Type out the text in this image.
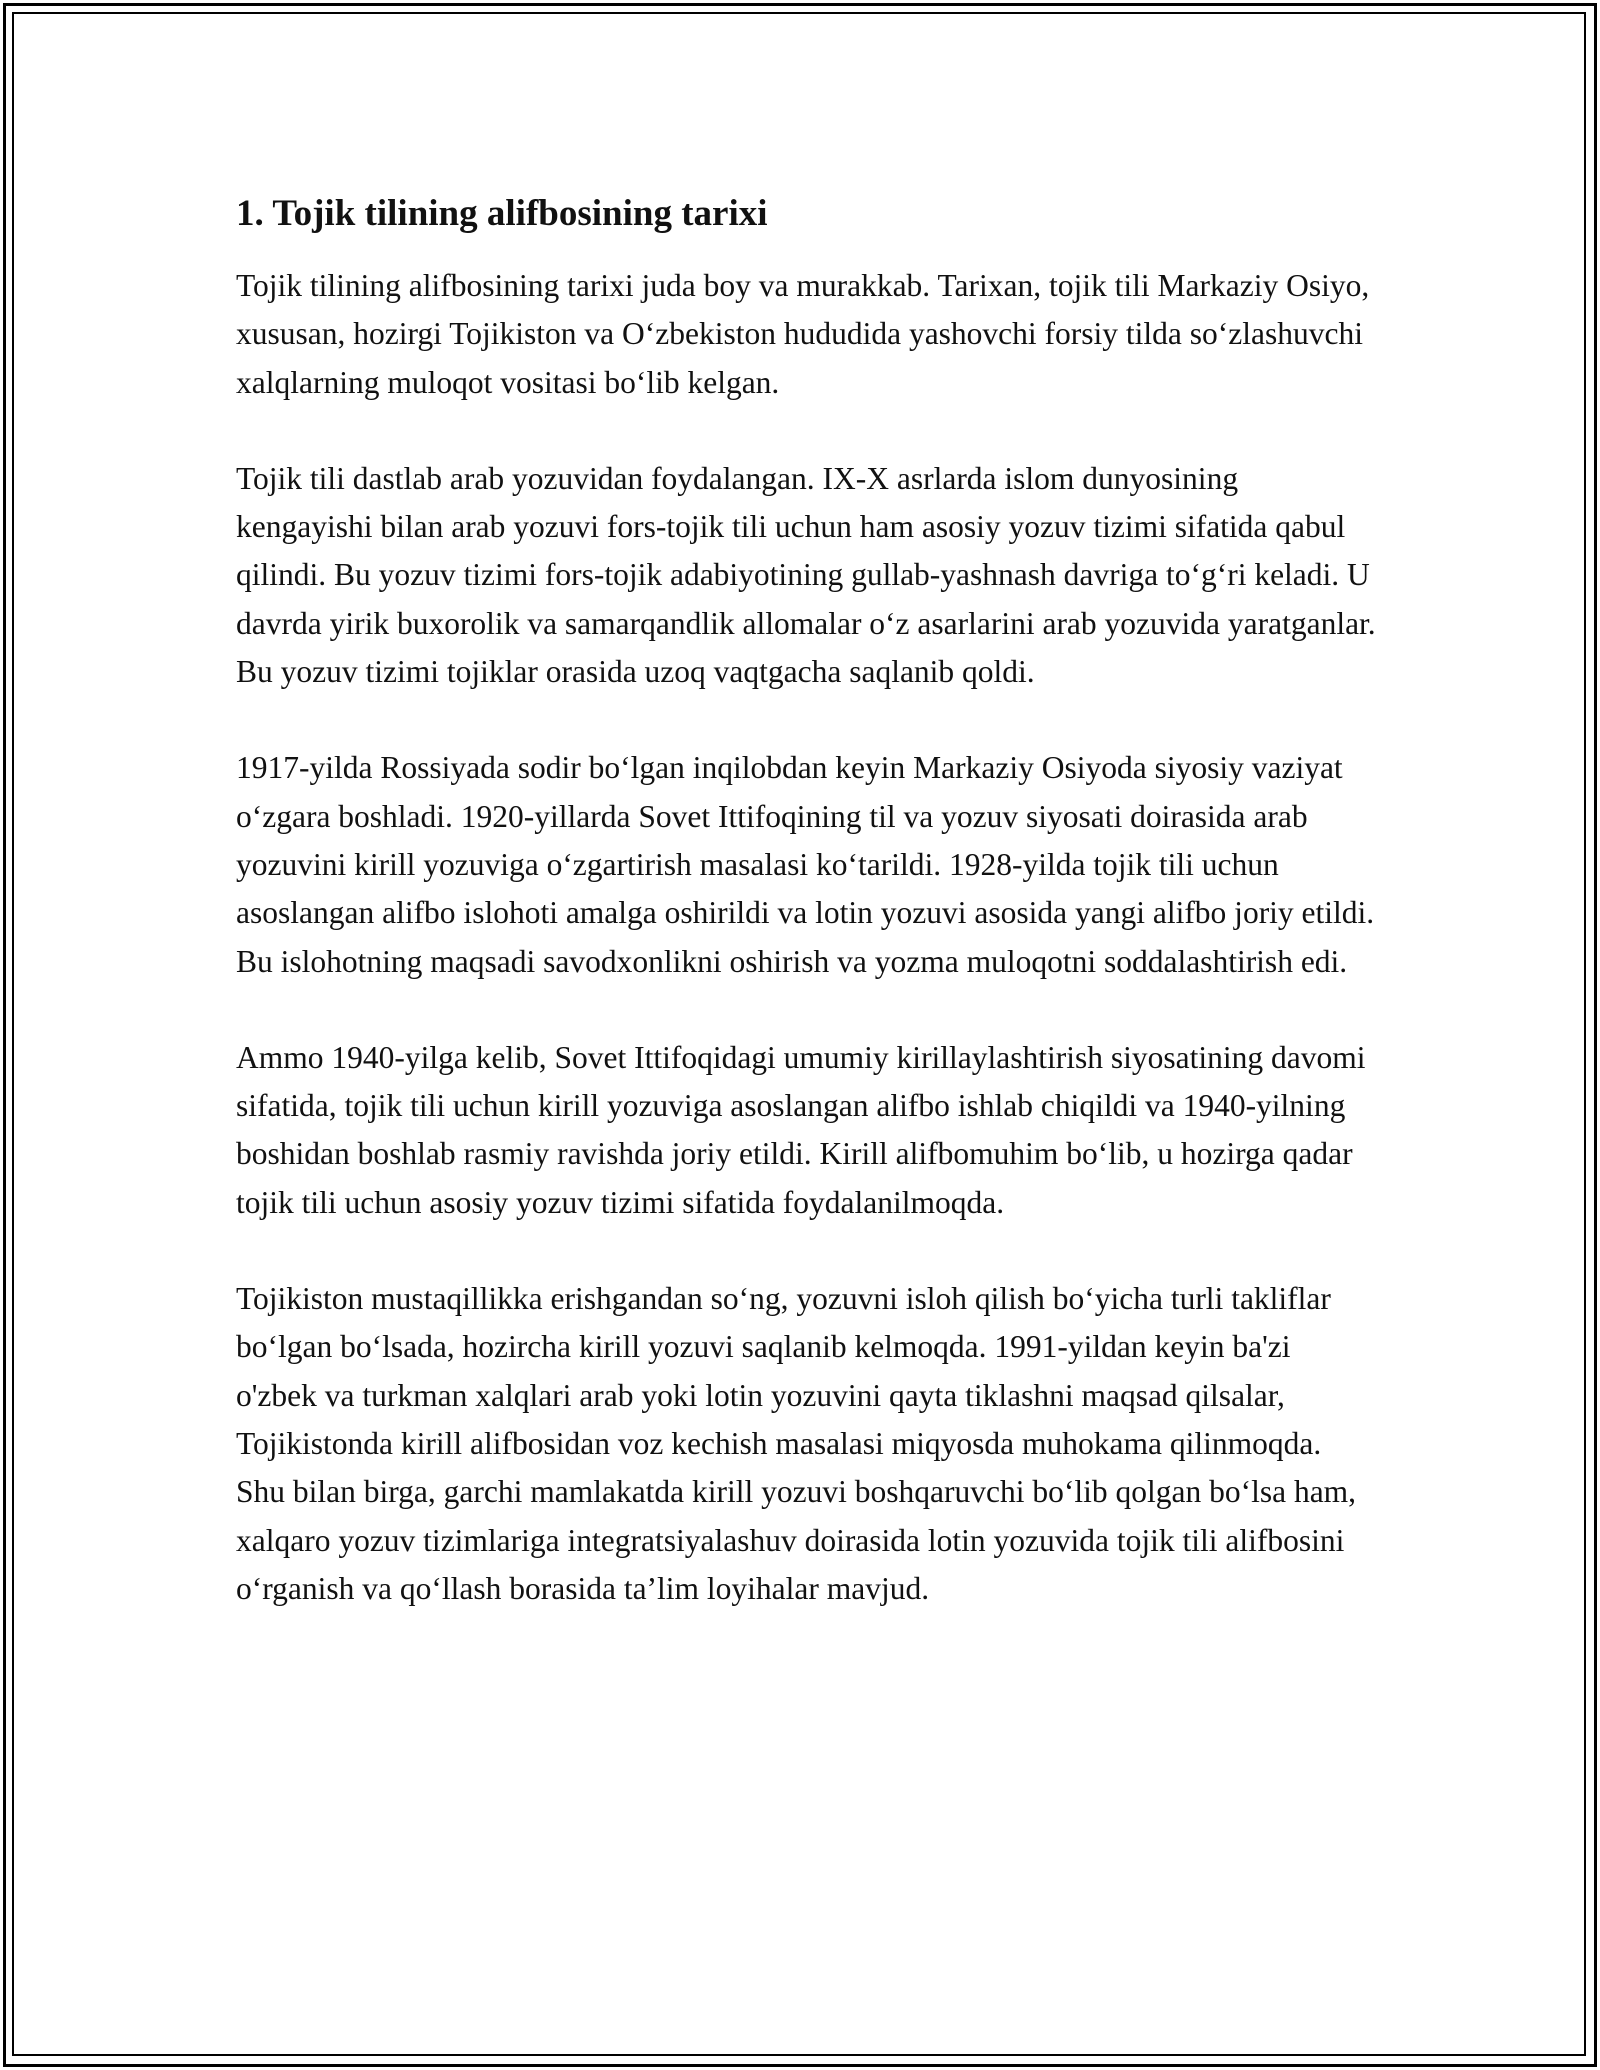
1. Tojik tilining alifbosining tarixi

Tojik tilining alifbosining tarixi juda boy va murakkab. Tarixan, tojik tili Markaziy Osiyo, xususan, hozirgi Tojikiston va O‘zbekiston hududida yashovchi forsiy tilda so‘zlashuvchi xalqlarning muloqot vositasi bo‘lib kelgan.

Tojik tili dastlab arab yozuvidan foydalangan. IX-X asrlarda islom dunyosining kengayishi bilan arab yozuvi fors-tojik tili uchun ham asosiy yozuv tizimi sifatida qabul qilindi. Bu yozuv tizimi fors-tojik adabiyotining gullab-yashnash davriga to‘g‘ri keladi. U davrda yirik buxorolik va samarqandlik allomalar o‘z asarlarini arab yozuvida yaratganlar. Bu yozuv tizimi tojiklar orasida uzoq vaqtgacha saqlanib qoldi.

1917-yilda Rossiyada sodir bo‘lgan inqilobdan keyin Markaziy Osiyoda siyosiy vaziyat o‘zgara boshladi. 1920-yillarda Sovet Ittifoqining til va yozuv siyosati doirasida arab yozuvini kirill yozuviga o‘zgartirish masalasi ko‘tarildi. 1928-yilda tojik tili uchun asoslangan alifbo islohoti amalga oshirildi va lotin yozuvi asosida yangi alifbo joriy etildi. Bu islohotning maqsadi savodxonlikni oshirish va yozma muloqotni soddalashtirish edi.

Ammo 1940-yilga kelib, Sovet Ittifoqidagi umumiy kirillaylashtirish siyosatining davomi sifatida, tojik tili uchun kirill yozuviga asoslangan alifbo ishlab chiqildi va 1940-yilning boshidan boshlab rasmiy ravishda joriy etildi. Kirill alifbomuhim bo‘lib, u hozirga qadar tojik tili uchun asosiy yozuv tizimi sifatida foydalanilmoqda.

Tojikiston mustaqillikka erishgandan so‘ng, yozuvni isloh qilish bo‘yicha turli takliflar bo‘lgan bo‘lsada, hozircha kirill yozuvi saqlanib kelmoqda. 1991-yildan keyin ba'zi o'zbek va turkman xalqlari arab yoki lotin yozuvini qayta tiklashni maqsad qilsalar, Tojikistonda kirill alifbosidan voz kechish masalasi miqyosda muhokama qilinmoqda. Shu bilan birga, garchi mamlakatda kirill yozuvi boshqaruvchi bo‘lib qolgan bo‘lsa ham, xalqaro yozuv tizimlariga integratsiyalashuv doirasida lotin yozuvida tojik tili alifbosini o‘rganish va qo‘llash borasida ta’lim loyihalar mavjud.
